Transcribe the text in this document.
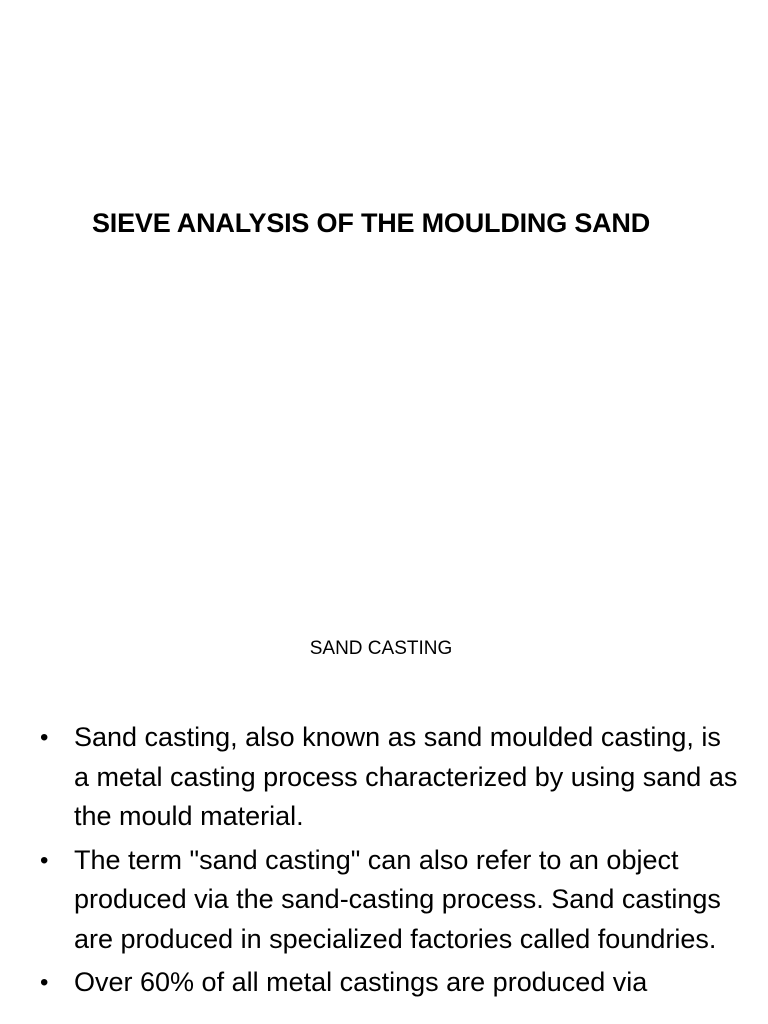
SIEVE ANALYSIS OF THE MOULDING SAND
SAND CASTING
• Sand casting, also known as sand moulded casting, is a metal casting process characterized by using sand as the mould material.
• The term "sand casting" can also refer to an object produced via the sand-casting process. Sand castings are produced in specialized factories called foundries.
• Over 60% of all metal castings are produced via
